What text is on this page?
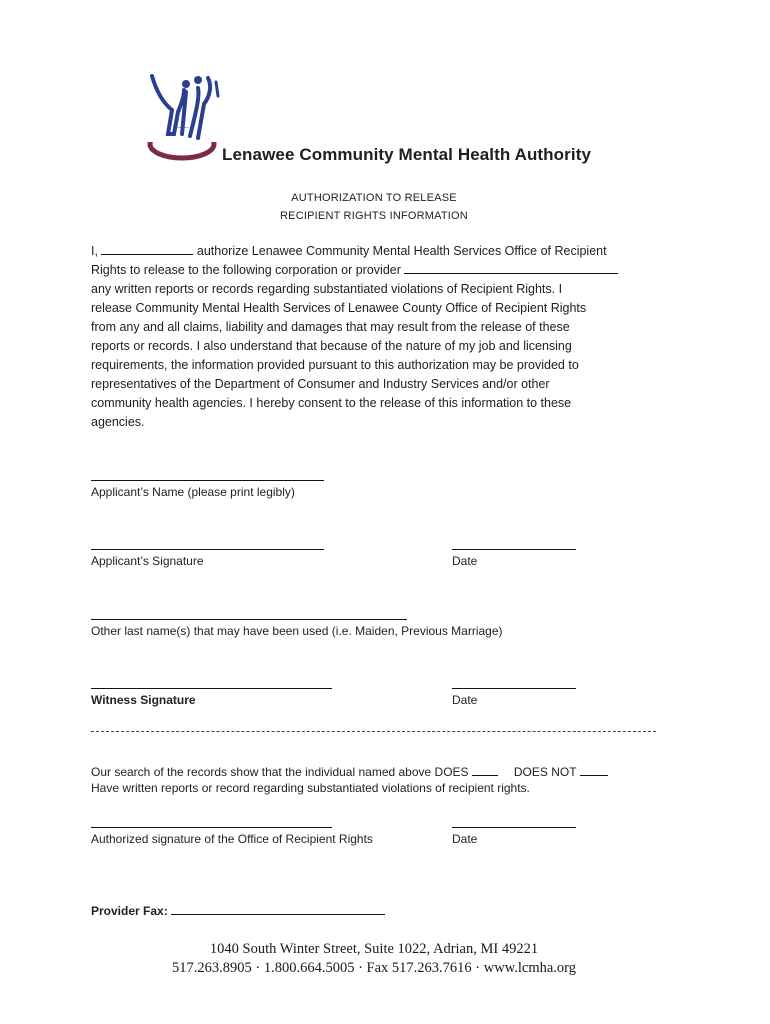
Lenawee Community Mental Health Authority
AUTHORIZATION TO RELEASE
RECIPIENT RIGHTS INFORMATION

I,	authorize Lenawee Community Mental Health Services Office of Recipient

Rights to release to the following corporation or provider

any written reports or records regarding substantiated violations of Recipient Rights. I

release Community Mental Health Services of Lenawee County Office of Recipient Rights

from any and all claims, liability and damages that may result from the release of these

reports or records. I also understand that because of the nature of my job and licensing

requirements, the information provided pursuant to this authorization may be provided to

representatives of the Department of Consumer and Industry Services and/or other

community health agencies. I hereby consent to the release of this information to these

agencies.

Applicant’s Name (please print legibly)
Applicant’s Signature	Date
Other last name(s) that may have been used (i.e. Maiden, Previous Marriage)
Witness Signature	Date
Our search of the records show that the individual named above DOES	DOES NOT
Have written reports or record regarding substantiated violations of recipient rights.
Authorized signature of the Office of Recipient Rights	Date
Provider Fax:
1040 South Winter Street, Suite 1022, Adrian, MI 49221
517.263.8905 · 1.800.664.5005 · Fax 517.263.7616 · www.lcmha.org
